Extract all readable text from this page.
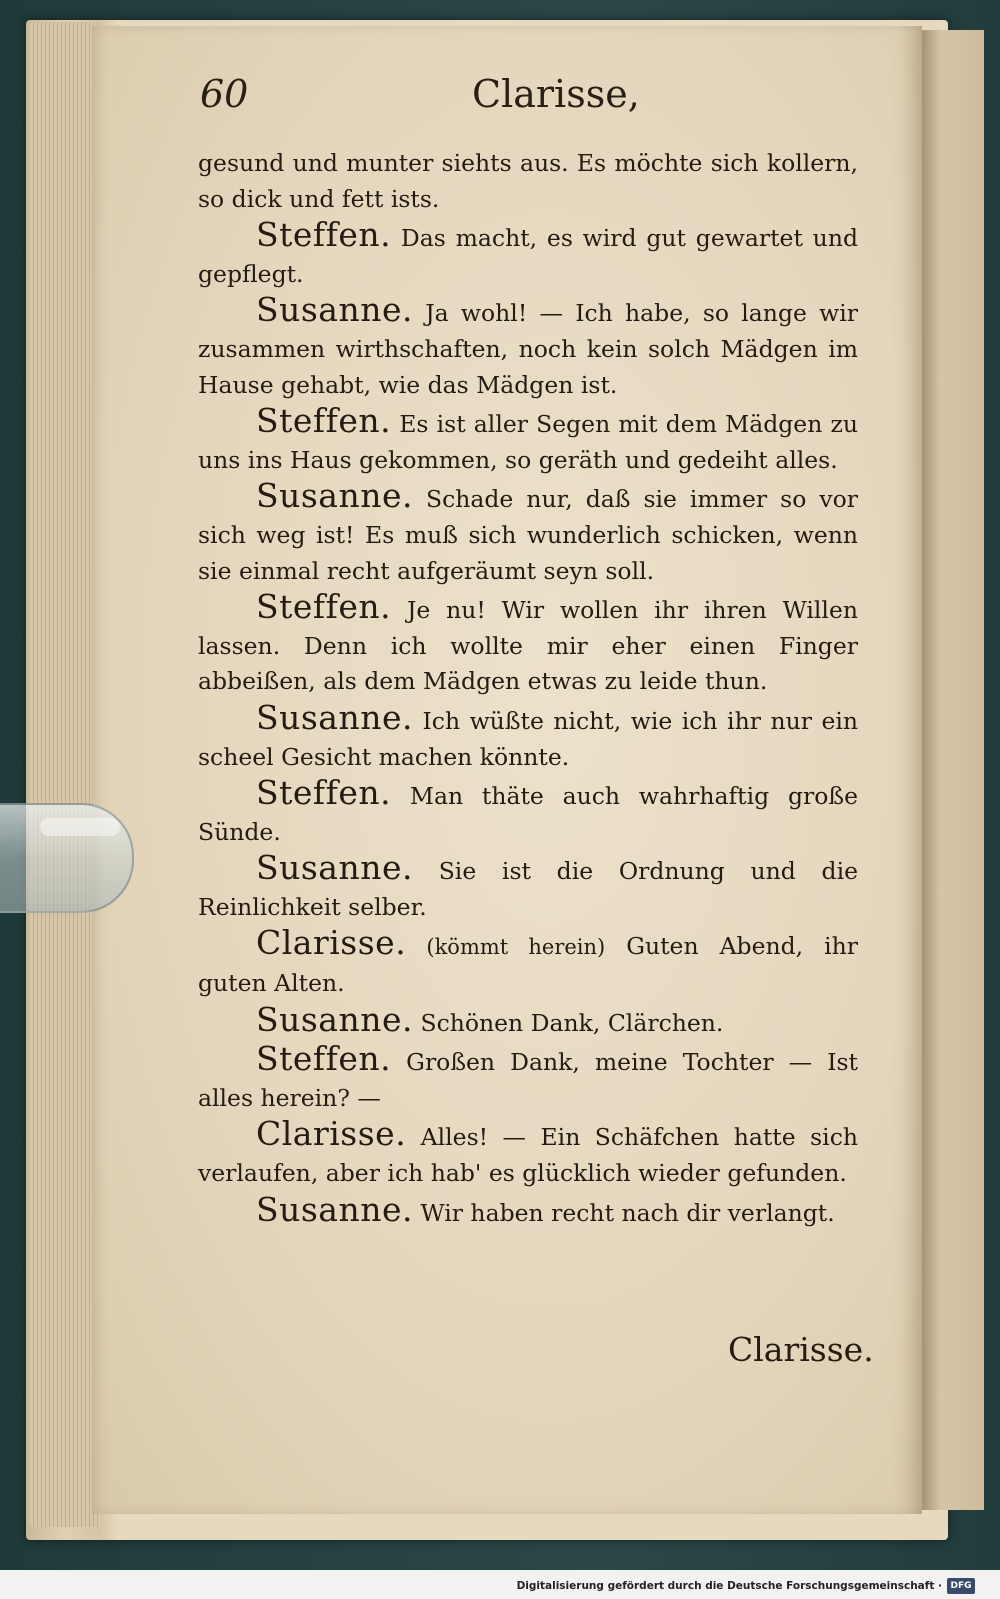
60	Clarisse,

gesund und munter siehts aus. Es möchte sich kollern, so dick und fett ists.

Steffen. Das macht, es wird gut gewartet und gepflegt.

Susanne. Ja wohl! — Ich habe, so lange wir zusammen wirthschaften, noch kein solch Mädgen im Hause gehabt, wie das Mädgen ist.

Steffen. Es ist aller Segen mit dem Mädgen zu uns ins Haus gekommen, so geräth und gedeiht alles.

Susanne. Schade nur, daß sie immer so vor sich weg ist! Es muß sich wunderlich schicken, wenn sie einmal recht aufgeräumt seyn soll.

Steffen. Je nu! Wir wollen ihr ihren Willen lassen. Denn ich wollte mir eher einen Finger abbeißen, als dem Mädgen etwas zu leide thun.

Susanne. Ich wüßte nicht, wie ich ihr nur ein scheel Gesicht machen könnte.

Steffen. Man thäte auch wahrhaftig große Sünde.

Susanne. Sie ist die Ordnung und die Reinlichkeit selber.

Clarisse. (kömmt herein) Guten Abend, ihr guten Alten.

Susanne. Schönen Dank, Clärchen.

Steffen. Großen Dank, meine Tochter — Ist alles herein? —

Clarisse. Alles! — Ein Schäfchen hatte sich verlaufen, aber ich hab' es glücklich wieder gefunden.

Susanne. Wir haben recht nach dir verlangt.

Clarisse.
Digitalisierung gefördert durch die Deutsche Forschungsgemeinschaft · DFG
